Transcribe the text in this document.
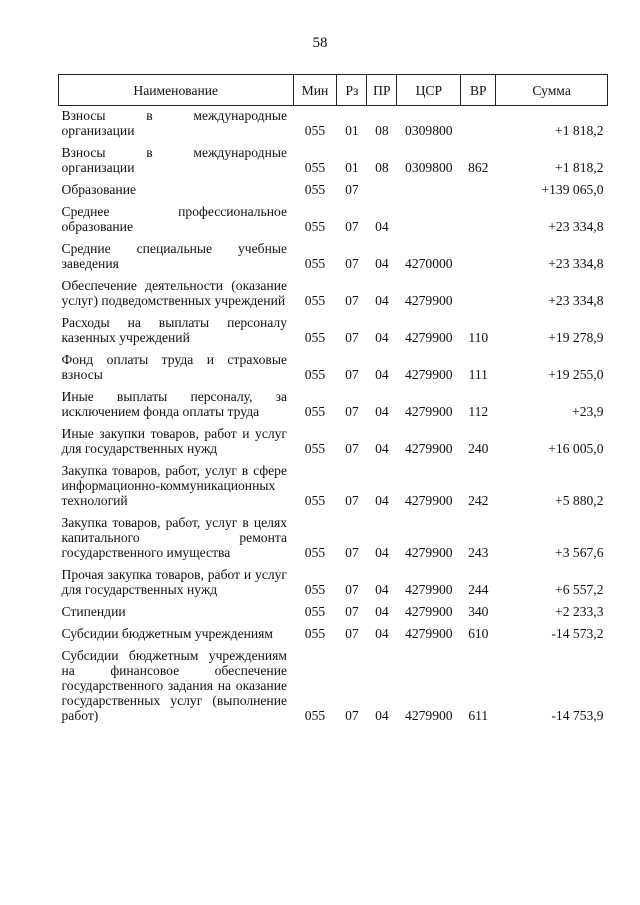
58
Наименование	Мин	Рз	ПР	ЦСР	ВР	Сумма
Взносы в международные организации	055	01	08	0309800		+1 818,2
Взносы в международные организации	055	01	08	0309800	862	+1 818,2
Образование	055	07				+139 065,0
Среднее профессиональное образование	055	07	04			+23 334,8
Средние специальные учебные заведения	055	07	04	4270000		+23 334,8
Обеспечение деятельности (оказание услуг) подведомственных учреждений	055	07	04	4279900		+23 334,8
Расходы на выплаты персоналу казенных учреждений	055	07	04	4279900	110	+19 278,9
Фонд оплаты труда и страховые взносы	055	07	04	4279900	111	+19 255,0
Иные выплаты персоналу, за исключением фонда оплаты труда	055	07	04	4279900	112	+23,9
Иные закупки товаров, работ и услуг для государственных нужд	055	07	04	4279900	240	+16 005,0
Закупка товаров, работ, услуг в сфере информационно-коммуникационных технологий	055	07	04	4279900	242	+5 880,2
Закупка товаров, работ, услуг в целях капитального ремонта государственного имущества	055	07	04	4279900	243	+3 567,6
Прочая закупка товаров, работ и услуг для государственных нужд	055	07	04	4279900	244	+6 557,2
Стипендии	055	07	04	4279900	340	+2 233,3
Субсидии бюджетным учреждениям	055	07	04	4279900	610	-14 573,2
Субсидии бюджетным учреждениям на финансовое обеспечение государственного задания на оказание государственных услуг (выполнение работ)	055	07	04	4279900	611	-14 753,9
